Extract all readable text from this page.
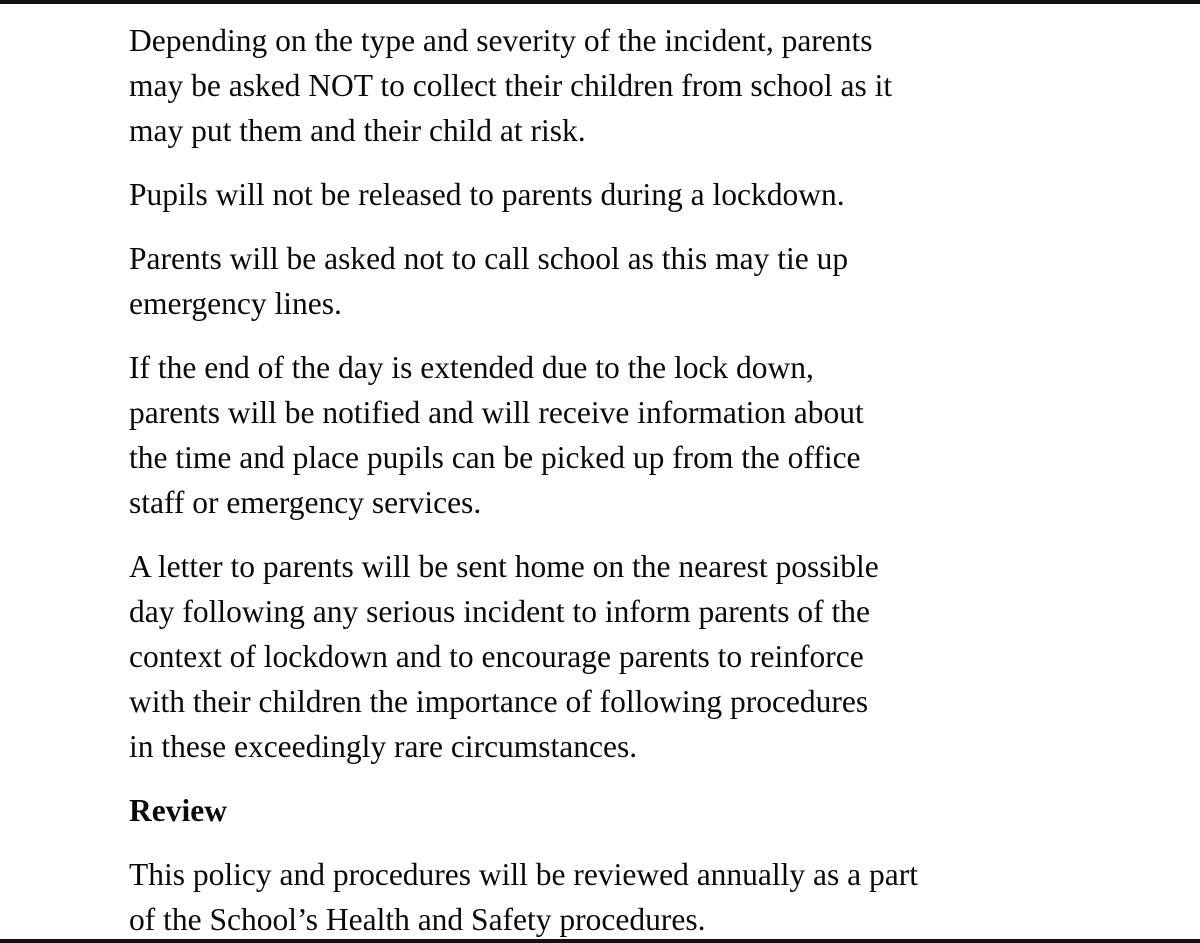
Depending on the type and severity of the incident, parents
may be asked NOT to collect their children from school as it
may put them and their child at risk.

Pupils will not be released to parents during a lockdown.

Parents will be asked not to call school as this may tie up
emergency lines.

If the end of the day is extended due to the lock down,
parents will be notified and will receive information about
the time and place pupils can be picked up from the office
staff or emergency services.

A letter to parents will be sent home on the nearest possible
day following any serious incident to inform parents of the
context of lockdown and to encourage parents to reinforce
with their children the importance of following procedures
in these exceedingly rare circumstances.

Review

This policy and procedures will be reviewed annually as a part
of the School’s Health and Safety procedures.
